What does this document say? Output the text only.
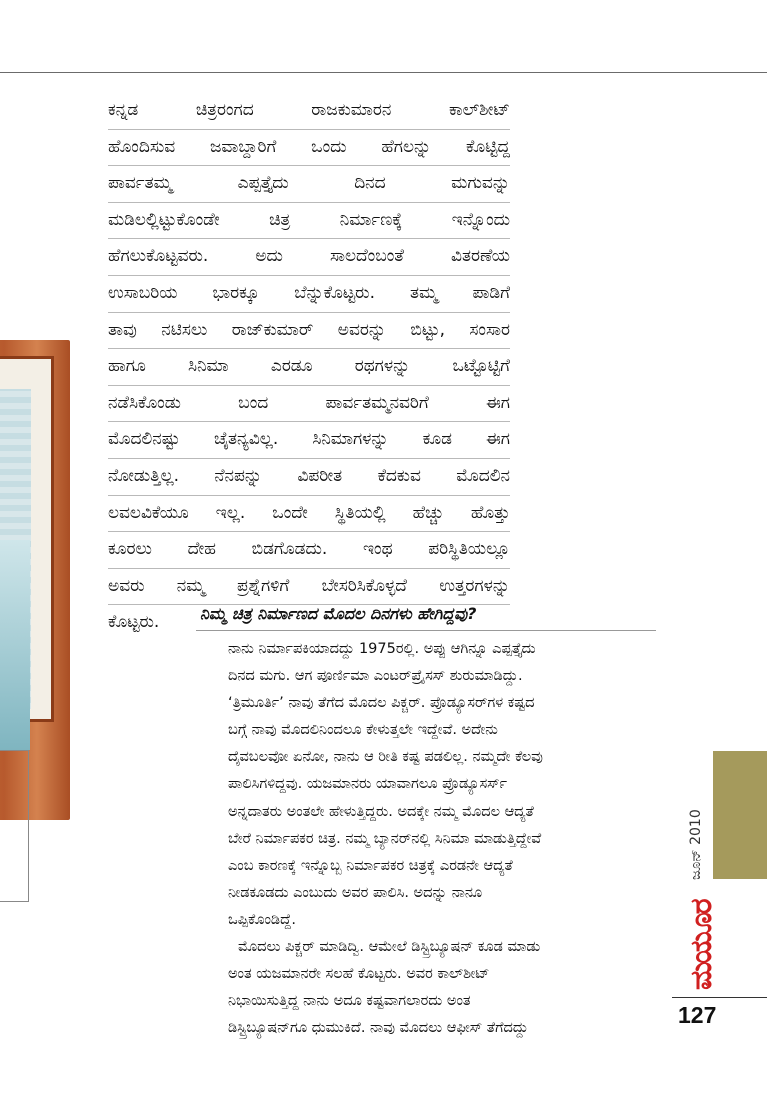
ಕನ್ನಡ ಚಿತ್ರರಂಗದ ರಾಜಕುಮಾರನ ಕಾಲ್‌ಶೀಟ್
ಹೊಂದಿಸುವ ಜವಾಬ್ದಾರಿಗೆ ಒಂದು ಹೆಗಲನ್ನು ಕೊಟ್ಟಿದ್ದ
ಪಾರ್ವತಮ್ಮ ಎಪ್ಪತ್ತೈದು ದಿನದ ಮಗುವನ್ನು
ಮಡಿಲಲ್ಲಿಟ್ಟುಕೊಂಡೇ ಚಿತ್ರ ನಿರ್ಮಾಣಕ್ಕೆ ಇನ್ನೊಂದು
ಹೆಗಲುಕೊಟ್ಟವರು. ಅದು ಸಾಲದೆಂಬಂತೆ ವಿತರಣೆಯ
ಉಸಾಬರಿಯ ಭಾರಕ್ಕೂ ಬೆನ್ನುಕೊಟ್ಟರು. ತಮ್ಮ ಪಾಡಿಗೆ
ತಾವು ನಟಿಸಲು ರಾಜ್‌ಕುಮಾರ್ ಅವರನ್ನು ಬಿಟ್ಟು, ಸಂಸಾರ
ಹಾಗೂ ಸಿನಿಮಾ ಎರಡೂ ರಥಗಳನ್ನು ಒಟ್ಟೊಟ್ಟಿಗೆ
ನಡೆಸಿಕೊಂಡು ಬಂದ ಪಾರ್ವತಮ್ಮನವರಿಗೆ ಈಗ
ಮೊದಲಿನಷ್ಟು ಚೈತನ್ಯವಿಲ್ಲ. ಸಿನಿಮಾಗಳನ್ನು ಕೂಡ ಈಗ
ನೋಡುತ್ತಿಲ್ಲ. ನೆನಪನ್ನು ವಿಪರೀತ ಕೆದಕುವ ಮೊದಲಿನ
ಲವಲವಿಕೆಯೂ ಇಲ್ಲ. ಒಂದೇ ಸ್ಥಿತಿಯಲ್ಲಿ ಹೆಚ್ಚು ಹೊತ್ತು
ಕೂರಲು ದೇಹ ಬಿಡಗೊಡದು. ಇಂಥ ಪರಿಸ್ಥಿತಿಯಲ್ಲೂ
ಅವರು ನಮ್ಮ ಪ್ರಶ್ನೆಗಳಿಗೆ ಬೇಸರಿಸಿಕೊಳ್ಳದೆ ಉತ್ತರಗಳನ್ನು
ಕೊಟ್ಟರು.	ನಿಮ್ಮ ಚಿತ್ರ ನಿರ್ಮಾಣದ ಮೊದಲ ದಿನಗಳು ಹೇಗಿದ್ದವು?
ನಾನು ನಿರ್ಮಾಪಕಿಯಾದದ್ದು 1975ರಲ್ಲಿ. ಅಪ್ಪು ಆಗಿನ್ನೂ ಎಪ್ಪತ್ತೈದು
ದಿನದ ಮಗು. ಆಗ ಪೂರ್ಣಿಮಾ ಎಂಟರ್‌ಪ್ರೈಸಸ್ ಶುರುಮಾಡಿದ್ದು.
‘ತ್ರಿಮೂರ್ತಿ’ ನಾವು ತೆಗೆದ ಮೊದಲ ಪಿಕ್ಚರ್. ಪ್ರೊಡ್ಯೂಸರ್‌ಗಳ ಕಷ್ಟದ
ಬಗ್ಗೆ ನಾವು ಮೊದಲಿನಿಂದಲೂ ಕೇಳುತ್ತಲೇ ಇದ್ದೇವೆ. ಅದೇನು
ದೈವಬಲವೋ ಏನೋ, ನಾನು ಆ ರೀತಿ ಕಷ್ಟ ಪಡಲಿಲ್ಲ. ನಮ್ಮದೇ ಕೆಲವು
ಪಾಲಿಸಿಗಳಿದ್ದವು. ಯಜಮಾನರು ಯಾವಾಗಲೂ ಪ್ರೊಡ್ಯೂಸರ್ಸ್
ಅನ್ನದಾತರು ಅಂತಲೇ ಹೇಳುತ್ತಿದ್ದರು. ಅದಕ್ಕೇ ನಮ್ಮ ಮೊದಲ ಆದ್ಯತೆ
ಬೇರೆ ನಿರ್ಮಾಪಕರ ಚಿತ್ರ. ನಮ್ಮ ಬ್ಯಾನರ್‌ನಲ್ಲಿ ಸಿನಿಮಾ ಮಾಡುತ್ತಿದ್ದೇವೆ
ಎಂಬ ಕಾರಣಕ್ಕೆ ಇನ್ನೊಬ್ಬ ನಿರ್ಮಾಪಕರ ಚಿತ್ರಕ್ಕೆ ಎರಡನೇ ಆದ್ಯತೆ
ನೀಡಕೂಡದು ಎಂಬುದು ಅವರ ಪಾಲಿಸಿ. ಅದನ್ನು ನಾನೂ
ಒಪ್ಪಿಕೊಂಡಿದ್ದೆ.
ಮೊದಲು ಪಿಕ್ಚರ್ ಮಾಡಿದ್ವಿ. ಆಮೇಲೆ ಡಿಸ್ಟ್ರಿಬ್ಯೂಷನ್ ಕೂಡ ಮಾಡು
ಅಂತ ಯಜಮಾನರೇ ಸಲಹೆ ಕೊಟ್ಟರು. ಅವರ ಕಾಲ್‌ಶೀಟ್
ನಿಭಾಯಿಸುತ್ತಿದ್ದ ನಾನು ಅದೂ ಕಷ್ಟವಾಗಲಾರದು ಅಂತ
ಡಿಸ್ಟ್ರಿಬ್ಯೂಷನ್‌ಗೂ ಧುಮುಕಿದೆ. ನಾವು ಮೊದಲು ಆಫೀಸ್ ತೆಗೆದದ್ದು
ಜೂನ್ 2010
ಮಯೂರ
127
